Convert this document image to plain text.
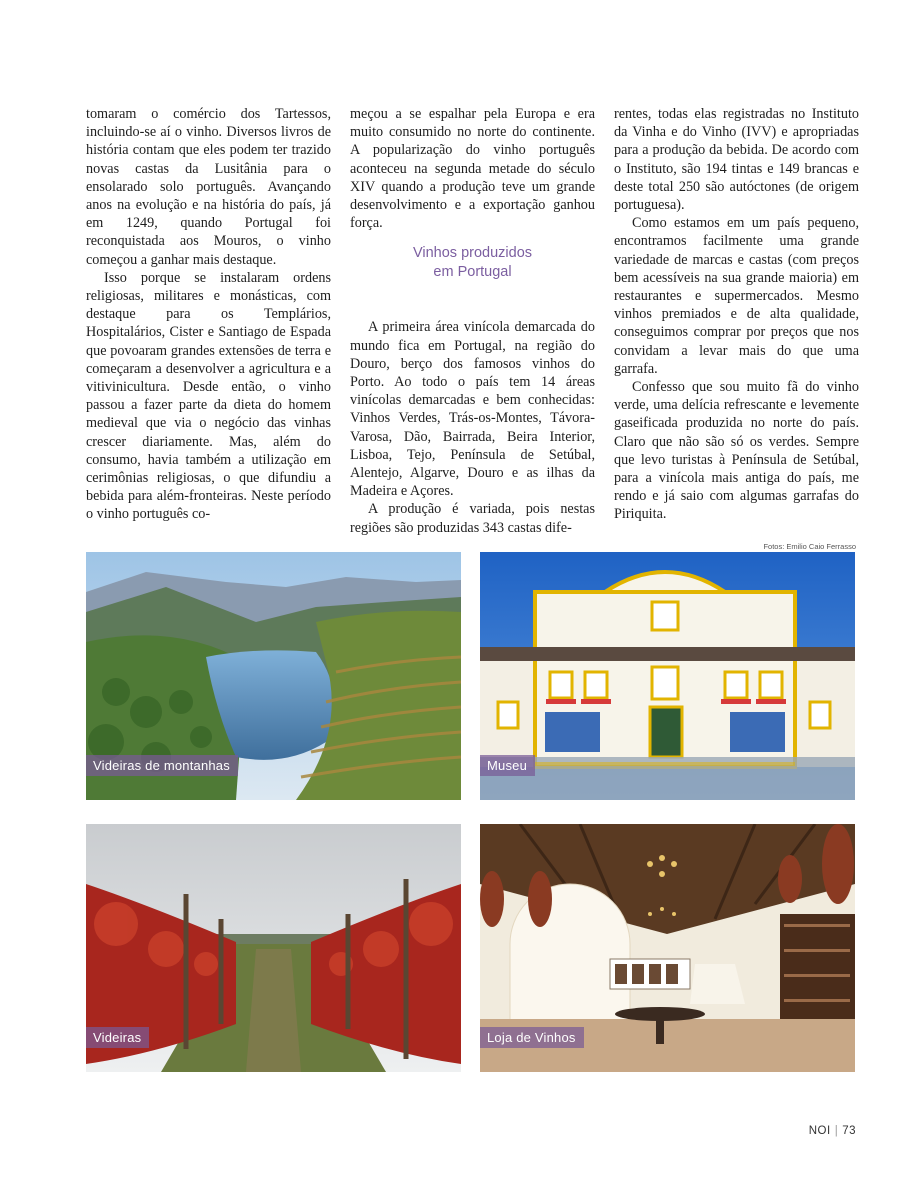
tomaram o comércio dos Tartessos, incluindo-se aí o vinho. Diversos livros de história contam que eles podem ter trazido novas castas da Lusitânia para o ensolarado solo português. Avançando anos na evolução e na história do país, já em 1249, quando Portugal foi reconquistada aos Mouros, o vinho começou a ganhar mais destaque.

Isso porque se instalaram ordens religiosas, militares e monásticas, com destaque para os Templários, Hospitalários, Cister e Santiago de Espada que povoaram grandes extensões de terra e começaram a desenvolver a agricultura e a vitivinicultura. Desde então, o vinho passou a fazer parte da dieta do homem medieval que via o negócio das vinhas crescer diariamente. Mas, além do consumo, havia também a utilização em cerimônias religiosas, o que difundiu a bebida para além-fronteiras. Neste período o vinho português co-

meçou a se espalhar pela Europa e era muito consumido no norte do continente. A popularização do vinho português aconteceu na segunda metade do século XIV quando a produção teve um grande desenvolvimento e a exportação ganhou força.

Vinhos produzidos
em Portugal

A primeira área vinícola demarcada do mundo fica em Portugal, na região do Douro, berço dos famosos vinhos do Porto. Ao todo o país tem 14 áreas vinícolas demarcadas e bem conhecidas: Vinhos Verdes, Trás-os-Montes, Távora-Varosa, Dão, Bairrada, Beira Interior, Lisboa, Tejo, Península de Setúbal, Alentejo, Algarve, Douro e as ilhas da Madeira e Açores.

A produção é variada, pois nestas regiões são produzidas 343 castas dife-

rentes, todas elas registradas no Instituto da Vinha e do Vinho (IVV) e apropriadas para a produção da bebida. De acordo com o Instituto, são 194 tintas e 149 brancas e deste total 250 são autóctones (de origem portuguesa).

Como estamos em um país pequeno, encontramos facilmente uma grande variedade de marcas e castas (com preços bem acessíveis na sua grande maioria) em restaurantes e supermercados. Mesmo vinhos premiados e de alta qualidade, conseguimos comprar por preços que nos convidam a levar mais do que uma garrafa.

Confesso que sou muito fã do vinho verde, uma delícia refrescante e levemente gaseificada produzida no norte do país. Claro que não são só os verdes. Sempre que levo turistas à Península de Setúbal, para a vinícola mais antiga do país, me rendo e já saio com algumas garrafas do Piriquita.

Fotos: Emilio Caio Ferrasso
Videiras de montanhas	Museu
Videiras	Loja de Vinhos
NOI | 73
